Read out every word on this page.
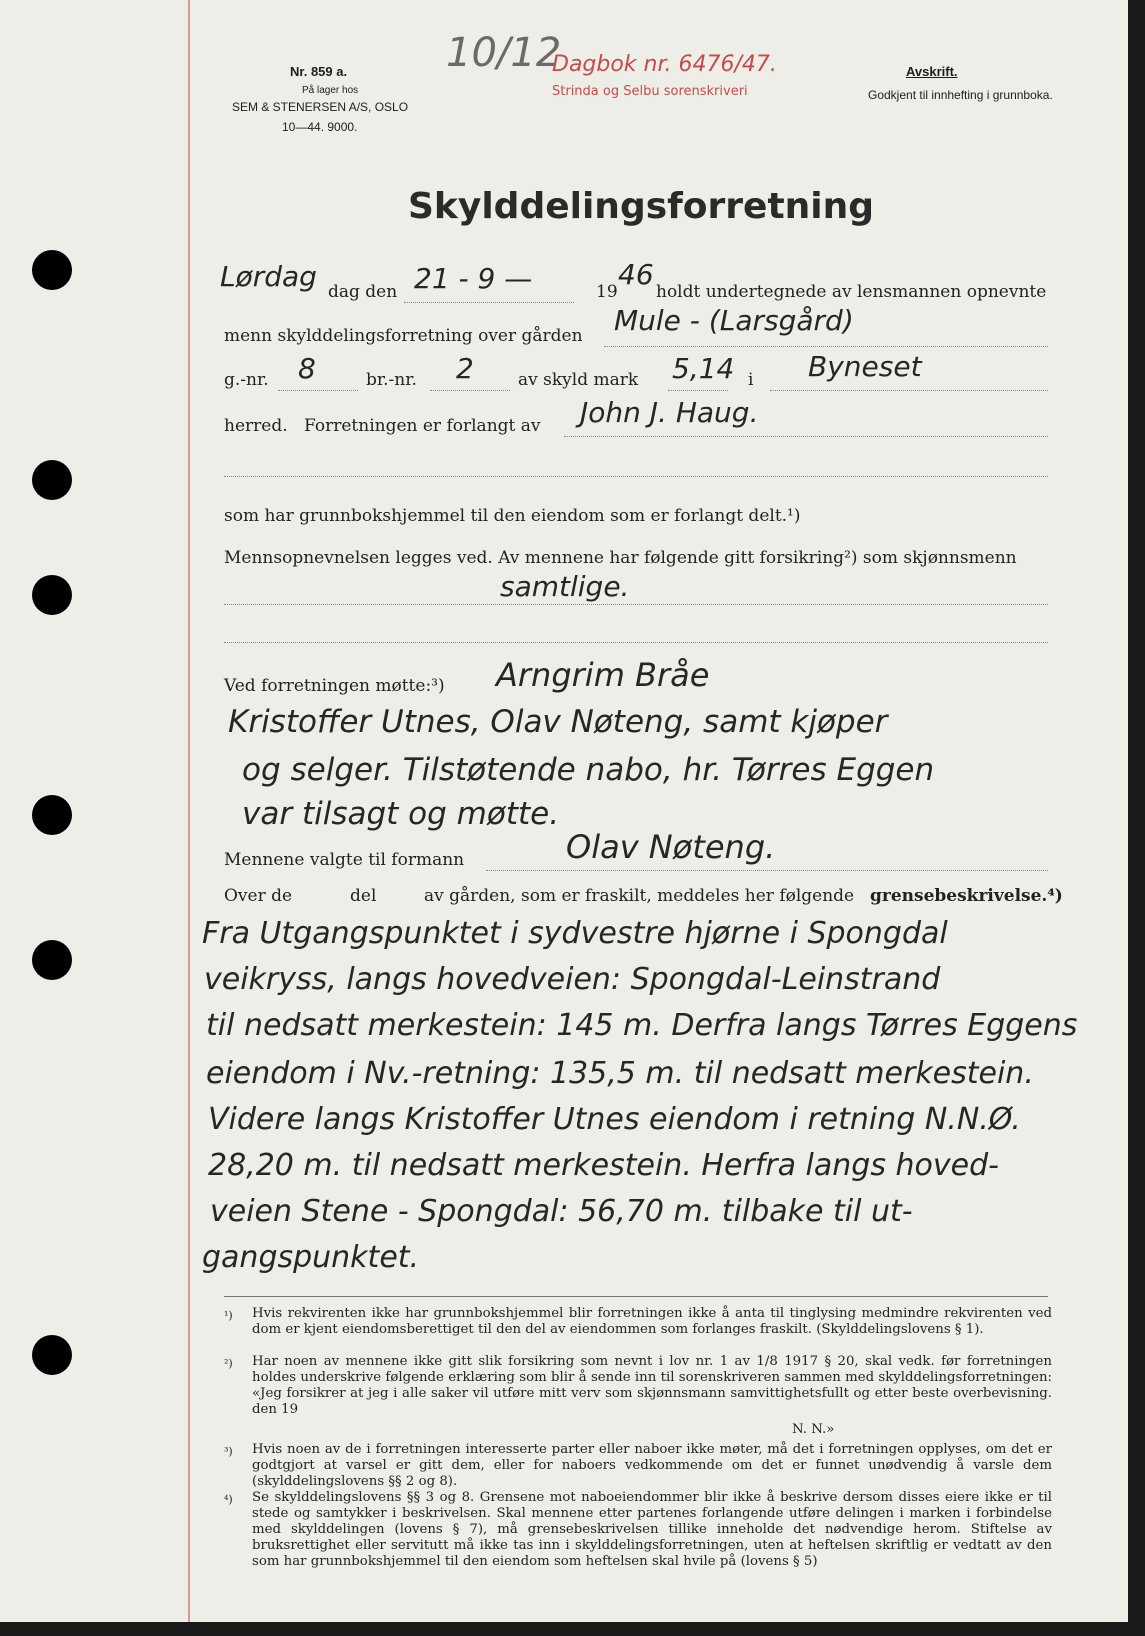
Nr. 859 a.
På lager hos
SEM & STENERSEN A/S, OSLO
10—44. 9000.
10/12
Dagbok nr. 6476/47.
Strinda og Selbu sorenskriveri
Avskrift.
Godkjent til innhefting i grunnboka.
Skylddelingsforretning
Lørdag dag den 21 - 9 —	19
46
holdt undertegnede av lensmannen opnevnte
menn skylddelingsforretning over gården Mule - (Larsgård)
g.-nr. 8	br.-nr. 2	av skyld mark 5,14 i Byneset
herred. Forretningen er forlangt av John J. Haug.
som har grunnbokshjemmel til den eiendom som er forlangt delt.¹)
Mennsopnevnelsen legges ved. Av mennene har følgende gitt forsikring²) som skjønnsmenn
samtlige.
Ved forretningen møtte:³) Arngrim Bråe
Kristoffer Utnes, Olav Nøteng, samt kjøper
og selger. Tilstøtende nabo, hr. Tørres Eggen
var tilsagt og møtte.
Mennene valgte til formann	Olav Nøteng.
Over de	del	av gården, som er fraskilt, meddeles her følgende grensebeskrivelse.⁴)
Fra Utgangspunktet i sydvestre hjørne i Spongdal
veikryss, langs hovedveien: Spongdal-Leinstrand
til nedsatt merkestein: 145 m. Derfra langs Tørres Eggens
eiendom i Nv.-retning: 135,5 m. til nedsatt merkestein.
Videre langs Kristoffer Utnes eiendom i retning N.N.Ø.
28,20 m. til nedsatt merkestein. Herfra langs hoved-
veien Stene - Spongdal: 56,70 m. tilbake til ut-
gangspunktet.
¹) Hvis rekvirenten ikke har grunnbokshjemmel blir forretningen ikke å anta til tinglysing medmindre rekvirenten ved dom er kjent eiendomsberettiget til den del av eiendommen som forlanges fraskilt. (Skylddelingslovens § 1).
²) Har noen av mennene ikke gitt slik forsikring som nevnt i lov nr. 1 av 1/8 1917 § 20, skal vedk. før forretningen holdes underskrive følgende erklæring som blir å sende inn til sorenskriveren sammen med skylddelingsforretningen: «Jeg forsikrer at jeg i alle saker vil utføre mitt verv som skjønnsmann samvittighetsfullt og etter beste overbevisning. den 19
N. N.»
³) Hvis noen av de i forretningen interesserte parter eller naboer ikke møter, må det i forretningen opplyses, om det er godtgjort at varsel er gitt dem, eller for naboers vedkommende om det er funnet unødvendig å varsle dem (skylddelingslovens §§ 2 og 8).
⁴) Se skylddelingslovens §§ 3 og 8. Grensene mot naboeiendommer blir ikke å beskrive dersom disses eiere ikke er til stede og samtykker i beskrivelsen. Skal mennene etter partenes forlangende utføre delingen i marken i forbindelse med skylddelingen (lovens § 7), må grensebeskrivelsen tillike inneholde det nødvendige herom. Stiftelse av bruksrettighet eller servitutt må ikke tas inn i skylddelingsforretningen, uten at heftelsen skriftlig er vedtatt av den som har grunnbokshjemmel til den eiendom som heftelsen skal hvile på (lovens § 5)
